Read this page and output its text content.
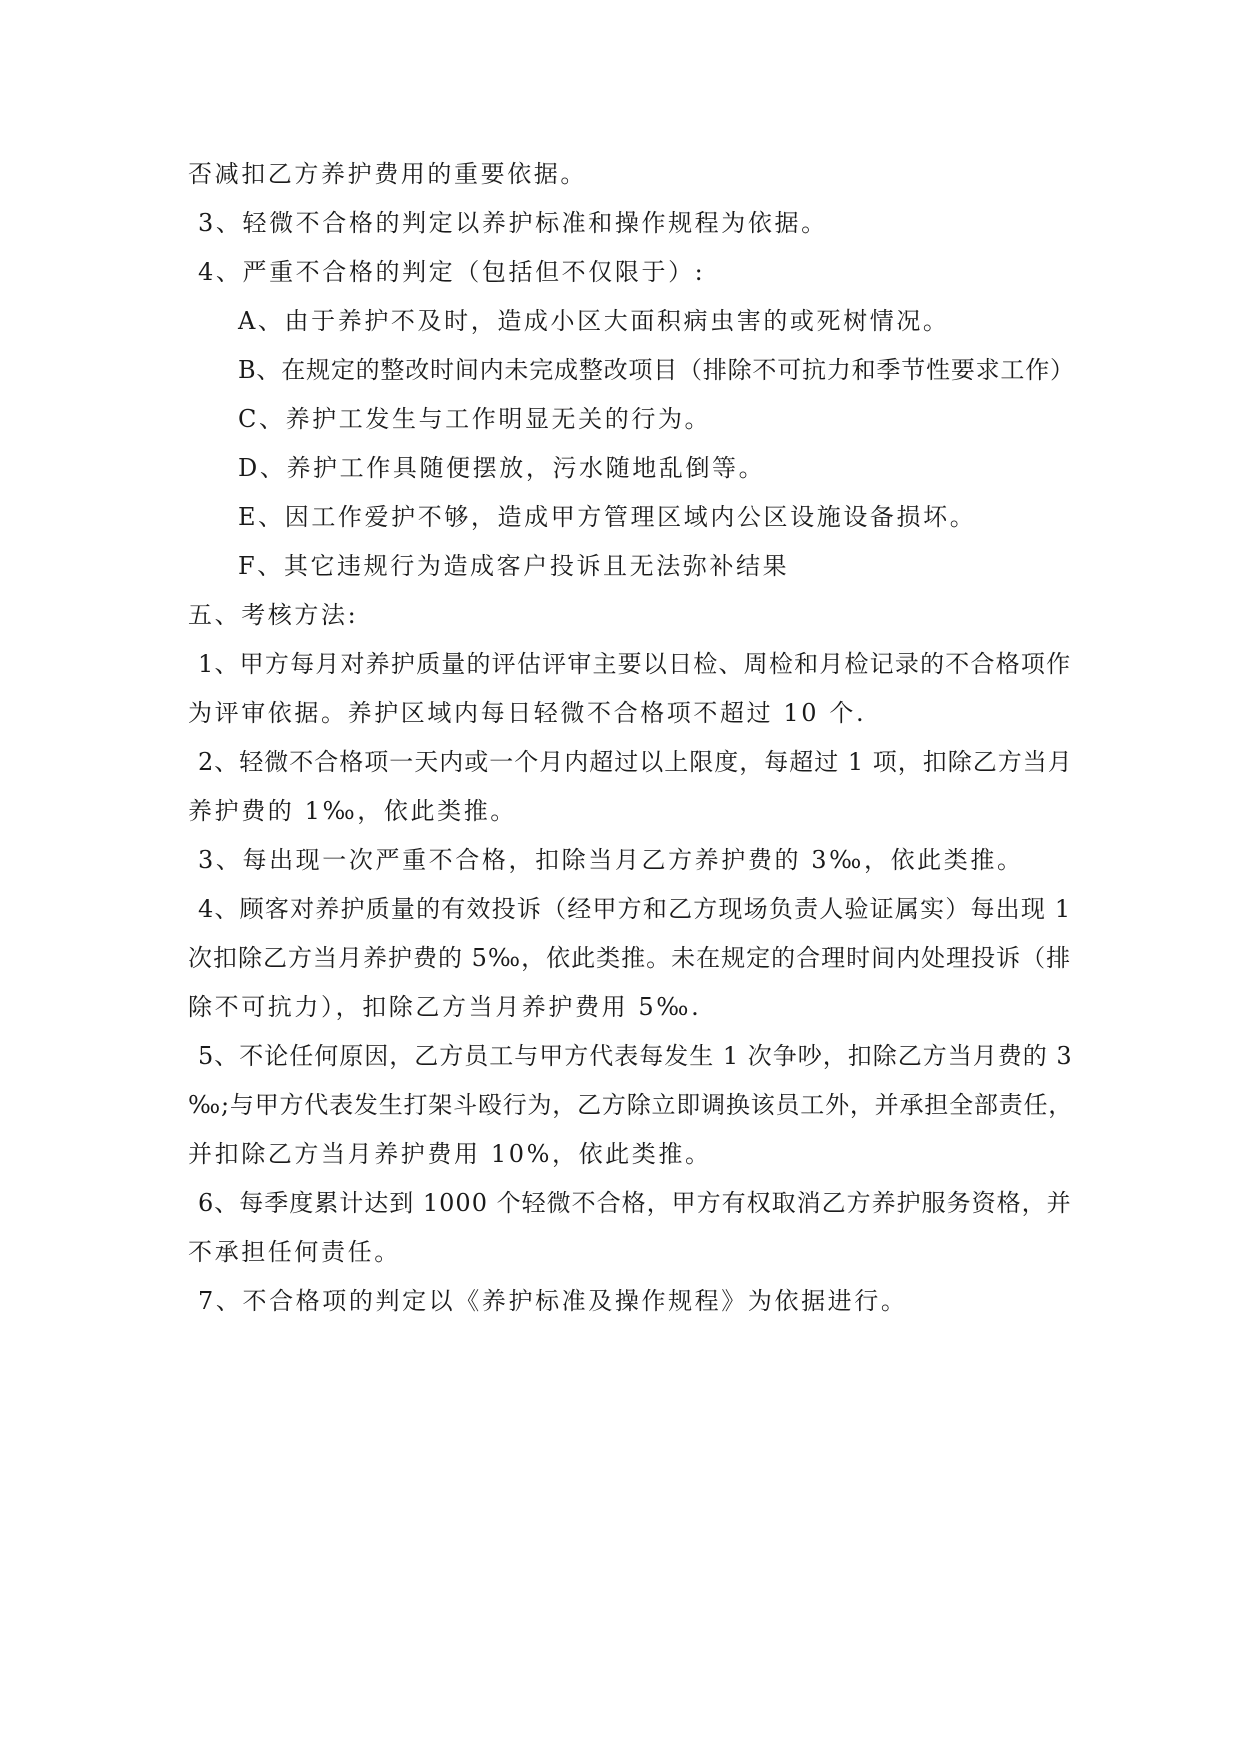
否减扣乙方养护费用的重要依据。
3、轻微不合格的判定以养护标准和操作规程为依据。
4、严重不合格的判定（包括但不仅限于）:
A、由于养护不及时，造成小区大面积病虫害的或死树情况。
B、在规定的整改时间内未完成整改项目（排除不可抗力和季节性要求工作）
C、养护工发生与工作明显无关的行为。
D、养护工作具随便摆放，污水随地乱倒等。
E、因工作爱护不够，造成甲方管理区域内公区设施设备损坏。
F、其它违规行为造成客户投诉且无法弥补结果
五、考核方法:
1、甲方每月对养护质量的评估评审主要以日检、周检和月检记录的不合格项作
为评审依据。养护区域内每日轻微不合格项不超过 10 个.
2、轻微不合格项一天内或一个月内超过以上限度，每超过 1 项，扣除乙方当月
养护费的 1‰，依此类推。
3、每出现一次严重不合格，扣除当月乙方养护费的 3‰，依此类推。
4、顾客对养护质量的有效投诉（经甲方和乙方现场负责人验证属实）每出现 1
次扣除乙方当月养护费的 5‰，依此类推。未在规定的合理时间内处理投诉（排
除不可抗力），扣除乙方当月养护费用 5‰.
5、不论任何原因，乙方员工与甲方代表每发生 1 次争吵，扣除乙方当月费的 3
‰;与甲方代表发生打架斗殴行为，乙方除立即调换该员工外，并承担全部责任，
并扣除乙方当月养护费用 10%，依此类推。
6、每季度累计达到 1000 个轻微不合格，甲方有权取消乙方养护服务资格，并
不承担任何责任。
7、不合格项的判定以《养护标准及操作规程》为依据进行。
